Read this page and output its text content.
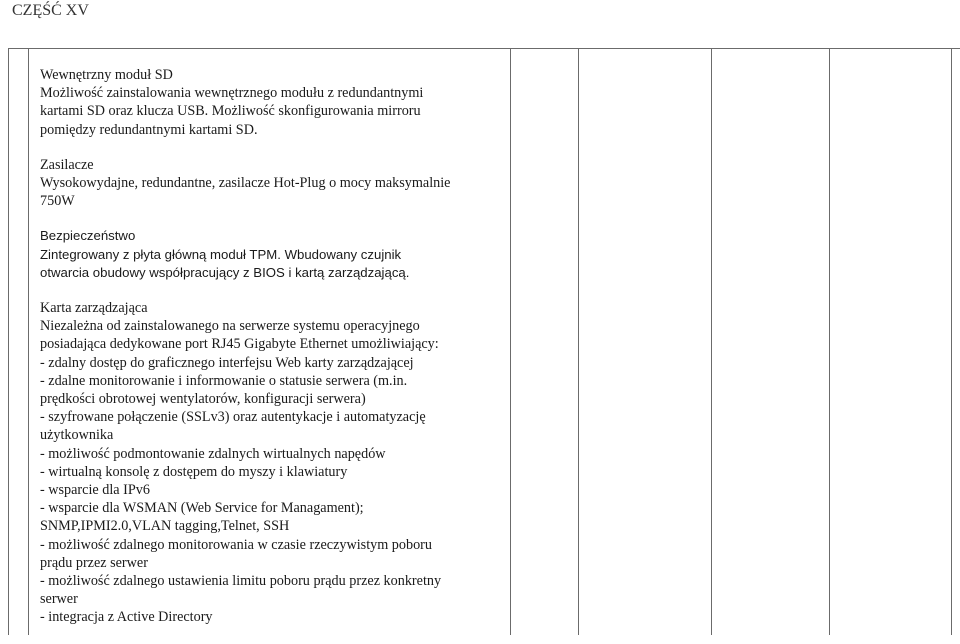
CZĘŚĆ XV
Wewnętrzny moduł SD
Możliwość zainstalowania wewnętrznego modułu z redundantnymi
kartami SD oraz klucza USB. Możliwość skonfigurowania mirroru
pomiędzy redundantnymi kartami SD.
Zasilacze
Wysokowydajne, redundantne, zasilacze Hot-Plug o mocy maksymalnie
750W
Bezpieczeństwo
Zintegrowany z płyta główną moduł TPM. Wbudowany czujnik
otwarcia obudowy współpracujący z BIOS i kartą zarządzającą.
Karta zarządzająca
Niezależna od zainstalowanego na serwerze systemu operacyjnego
posiadająca dedykowane port RJ45 Gigabyte Ethernet umożliwiający:
- zdalny dostęp do graficznego interfejsu Web karty zarządzającej
- zdalne monitorowanie i informowanie o statusie serwera (m.in.
prędkości obrotowej wentylatorów, konfiguracji serwera)
- szyfrowane połączenie (SSLv3) oraz autentykacje i automatyzację
użytkownika
- możliwość podmontowanie zdalnych wirtualnych napędów
- wirtualną konsolę z dostępem do myszy i klawiatury
- wsparcie dla IPv6
- wsparcie dla WSMAN (Web Service for Managament);
SNMP,IPMI2.0,VLAN tagging,Telnet, SSH
- możliwość zdalnego monitorowania w czasie rzeczywistym poboru
prądu przez serwer
- możliwość zdalnego ustawienia limitu poboru prądu przez konkretny
serwer
- integracja z Active Directory
